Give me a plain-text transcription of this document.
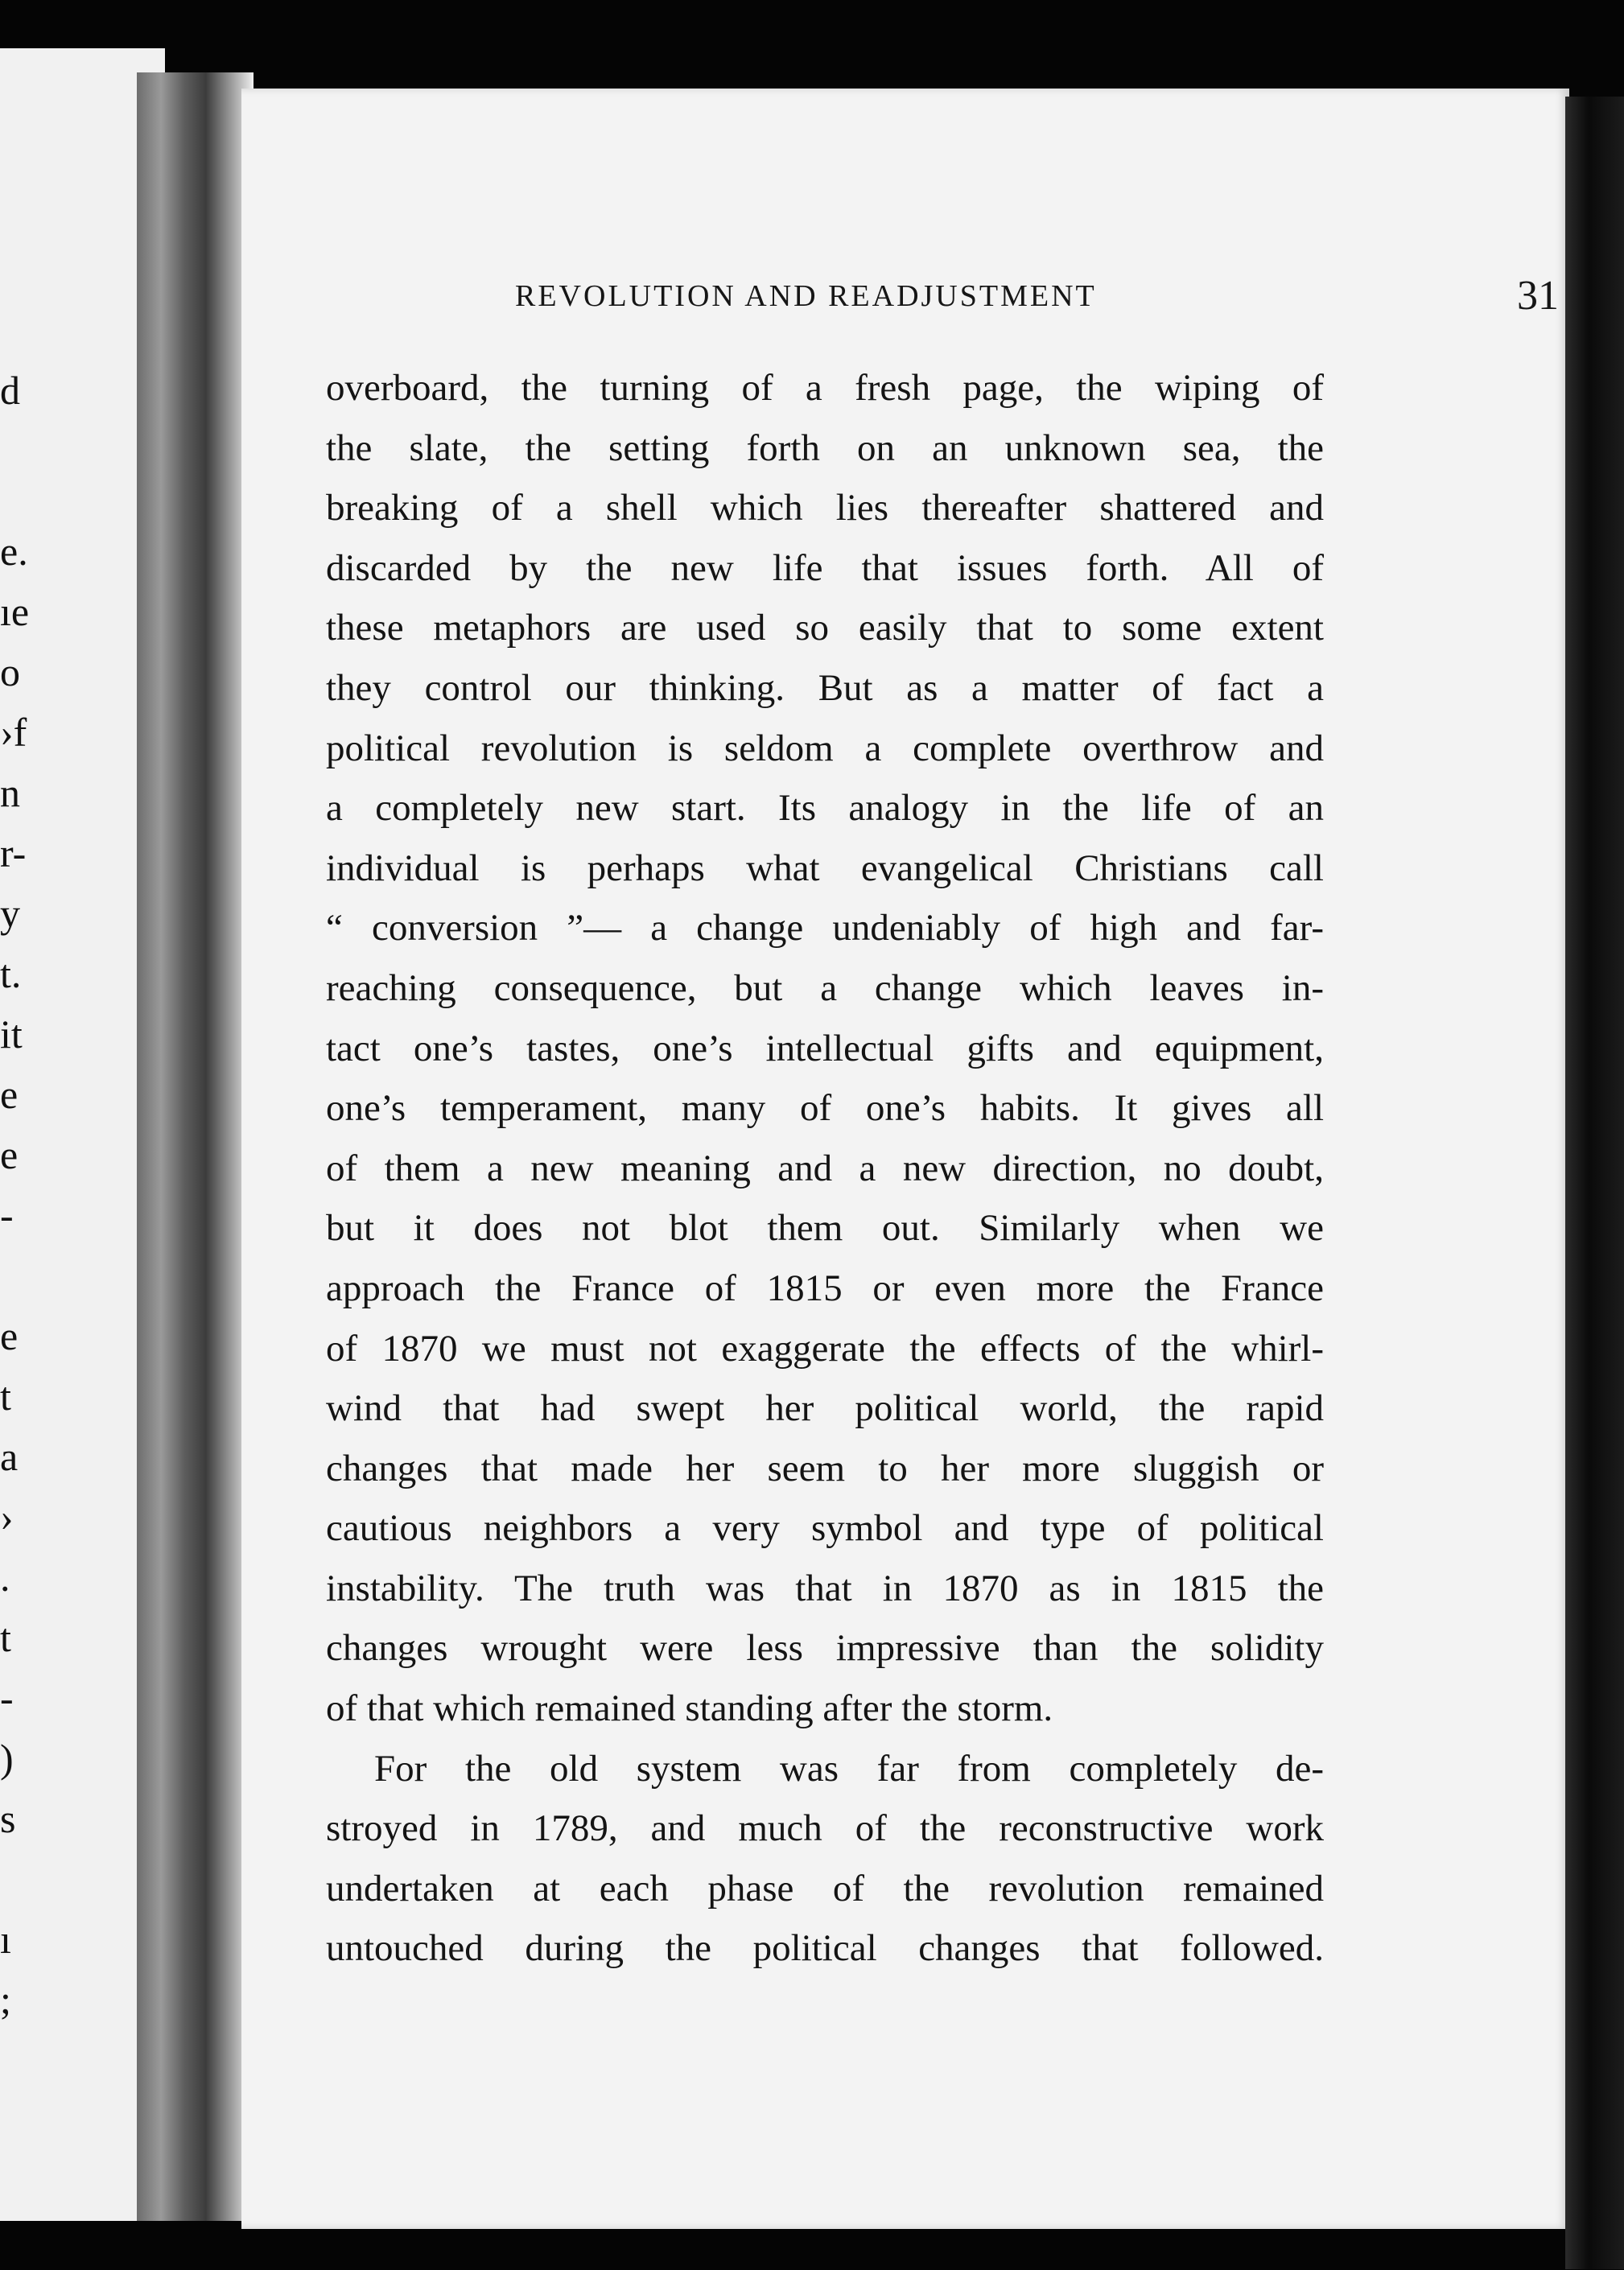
d
e.
ıe
o
›f
n
r-
y
t.
it
e
e
-
e
t
a
›
.
t
-
)
s
ı
;
REVOLUTION AND READJUSTMENT	31
overboard, the turning of a fresh page, the wiping of
the slate, the setting forth on an unknown sea, the
breaking of a shell which lies thereafter shattered and
discarded by the new life that issues forth. All of
these metaphors are used so easily that to some extent
they control our thinking. But as a matter of fact a
political revolution is seldom a complete overthrow and
a completely new start. Its analogy in the life of an
individual is perhaps what evangelical Christians call
“ conversion ”— a change undeniably of high and far-
reaching consequence, but a change which leaves in-
tact one’s tastes, one’s intellectual gifts and equipment,
one’s temperament, many of one’s habits. It gives all
of them a new meaning and a new direction, no doubt,
but it does not blot them out. Similarly when we
approach the France of 1815 or even more the France
of 1870 we must not exaggerate the effects of the whirl-
wind that had swept her political world, the rapid
changes that made her seem to her more sluggish or
cautious neighbors a very symbol and type of political
instability. The truth was that in 1870 as in 1815 the
changes wrought were less impressive than the solidity
of that which remained standing after the storm.
For the old system was far from completely de-
stroyed in 1789, and much of the reconstructive work
undertaken at each phase of the revolution remained
untouched during the political changes that followed.
